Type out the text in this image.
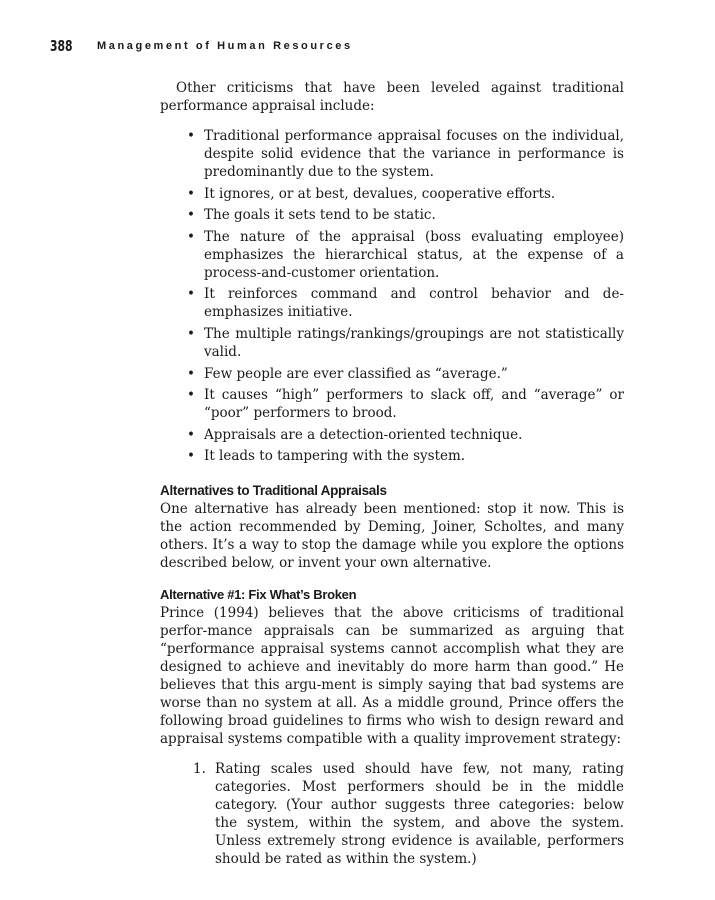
388 Management of Human Resources

Other criticisms that have been leveled against traditional performance appraisal include:

• Traditional performance appraisal focuses on the individual, despite solid evidence that the variance in performance is predominantly due to the system.
• It ignores, or at best, devalues, cooperative efforts.
• The goals it sets tend to be static.
• The nature of the appraisal (boss evaluating employee) emphasizes the hierarchical status, at the expense of a process-and-customer orientation.
• It reinforces command and control behavior and de-emphasizes initiative.
• The multiple ratings/rankings/groupings are not statistically valid.
• Few people are ever classified as “average.”
• It causes “high” performers to slack off, and “average” or “poor” performers to brood.
• Appraisals are a detection-oriented technique.
• It leads to tampering with the system.
Alternatives to Traditional Appraisals

One alternative has already been mentioned: stop it now. This is the action recommended by Deming, Joiner, Scholtes, and many others. It’s a way to stop the damage while you explore the options described below, or invent your own alternative.

Alternative #1: Fix What’s Broken

Prince (1994) believes that the above criticisms of traditional perfor-mance appraisals can be summarized as arguing that “performance appraisal systems cannot accomplish what they are designed to achieve and inevitably do more harm than good.” He believes that this argu-ment is simply saying that bad systems are worse than no system at all. As a middle ground, Prince offers the following broad guidelines to firms who wish to design reward and appraisal systems compatible with a quality improvement strategy:

1. Rating scales used should have few, not many, rating categories. Most performers should be in the middle category. (Your author suggests three categories: below the system, within the system, and above the system. Unless extremely strong evidence is available, performers should be rated as within the system.)
